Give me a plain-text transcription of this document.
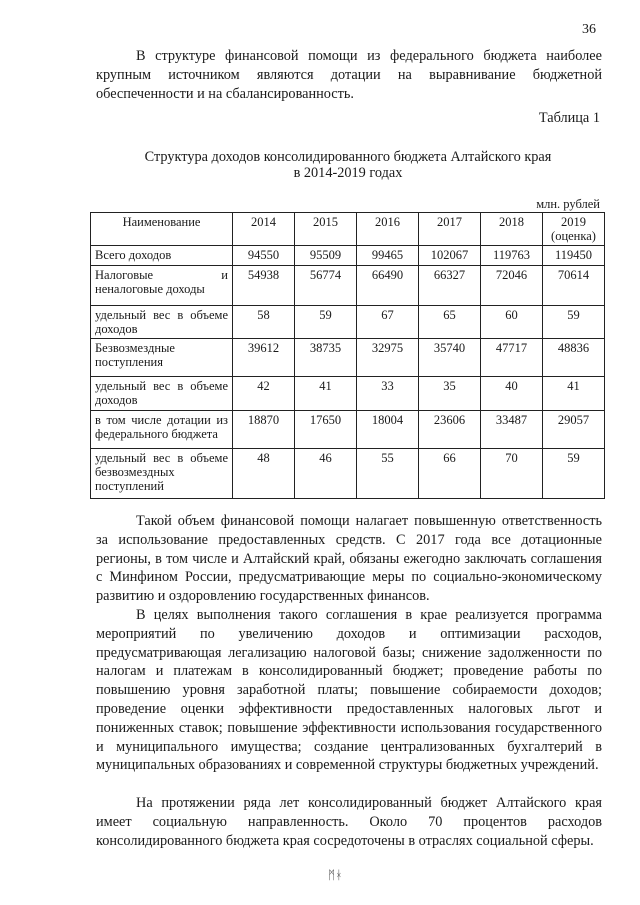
36

В структуре финансовой помощи из федерального бюджета наиболее крупным источником являются дотации на выравнивание бюджетной обеспеченности и на сбалансированность.

Таблица 1
Структура доходов консолидированного бюджета Алтайского края
в 2014-2019 годах
млн. рублей
Наименование	2014	2015	2016	2017	2018	2019 (оценка)
Всего доходов	94550	95509	99465	102067	119763	119450
Налоговые и неналоговые доходы	54938	56774	66490	66327	72046	70614
удельный вес в объеме доходов	58	59	67	65	60	59
Безвозмездные поступления	39612	38735	32975	35740	47717	48836
удельный вес в объеме доходов	42	41	33	35	40	41
в том числе дотации из федерального бюджета	18870	17650	18004	23606	33487	29057
удельный вес в объеме безвозмездных поступлений	48	46	55	66	70	59

Такой объем финансовой помощи налагает повышенную ответственность за использование предоставленных средств. С 2017 года все дотационные регионы, в том числе и Алтайский край, обязаны ежегодно заключать соглашения с Минфином России, предусматривающие меры по социально-экономическому развитию и оздоровлению государственных финансов.

В целях выполнения такого соглашения в крае реализуется программа мероприятий по увеличению доходов и оптимизации расходов, предусматривающая легализацию налоговой базы; снижение задолженности по налогам и платежам в консолидированный бюджет; проведение работы по повышению уровня заработной платы; повышение собираемости доходов; проведение оценки эффективности предоставленных налоговых льгот и пониженных ставок; повышение эффективности использования государственного и муниципального имущества; создание централизованных бухгалтерий в муниципальных образованиях и современной структуры бюджетных учреждений.

На протяжении ряда лет консолидированный бюджет Алтайского края имеет социальную направленность. Около 70 процентов расходов консолидированного бюджета края сосредоточены в отраслях социальной сферы.

ᛗᚼ
